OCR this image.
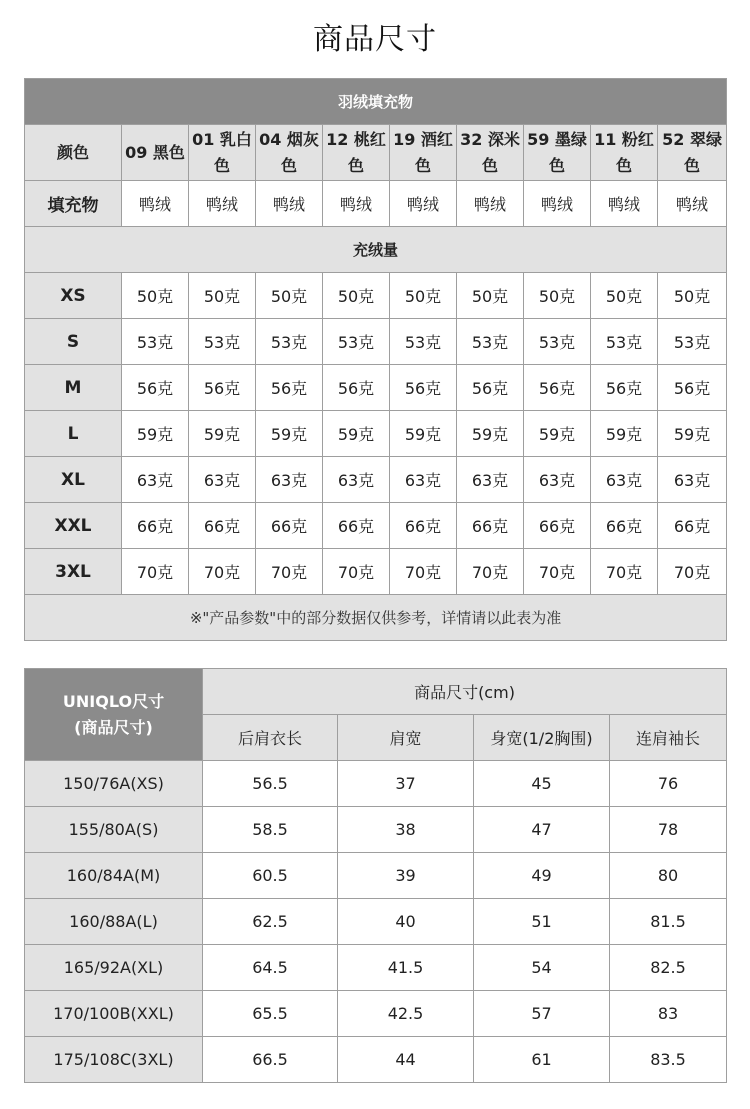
商品尺寸
羽绒填充物									
颜色	09 黑色	01 乳白色	04 烟灰色	12 桃红色	19 酒红色	32 深米色	59 墨绿色	11 粉红色	52 翠绿色
填充物	鸭绒	鸭绒	鸭绒	鸭绒	鸭绒	鸭绒	鸭绒	鸭绒	鸭绒
充绒量									
XS	50克	50克	50克	50克	50克	50克	50克	50克	50克
S	53克	53克	53克	53克	53克	53克	53克	53克	53克
M	56克	56克	56克	56克	56克	56克	56克	56克	56克
L	59克	59克	59克	59克	59克	59克	59克	59克	59克
XL	63克	63克	63克	63克	63克	63克	63克	63克	63克
XXL	66克	66克	66克	66克	66克	66克	66克	66克	66克
3XL	70克	70克	70克	70克	70克	70克	70克	70克	70克
※"产品参数"中的部分数据仅供参考，详情请以此表为准									
UNIQLO尺寸
(商品尺寸)	商品尺寸(cm)			
	后肩衣长	肩宽	身宽(1/2胸围)	连肩袖长
150/76A(XS)	56.5	37	45	76
155/80A(S)	58.5	38	47	78
160/84A(M)	60.5	39	49	80
160/88A(L)	62.5	40	51	81.5
165/92A(XL)	64.5	41.5	54	82.5
170/100B(XXL)	65.5	42.5	57	83
175/108C(3XL)	66.5	44	61	83.5
